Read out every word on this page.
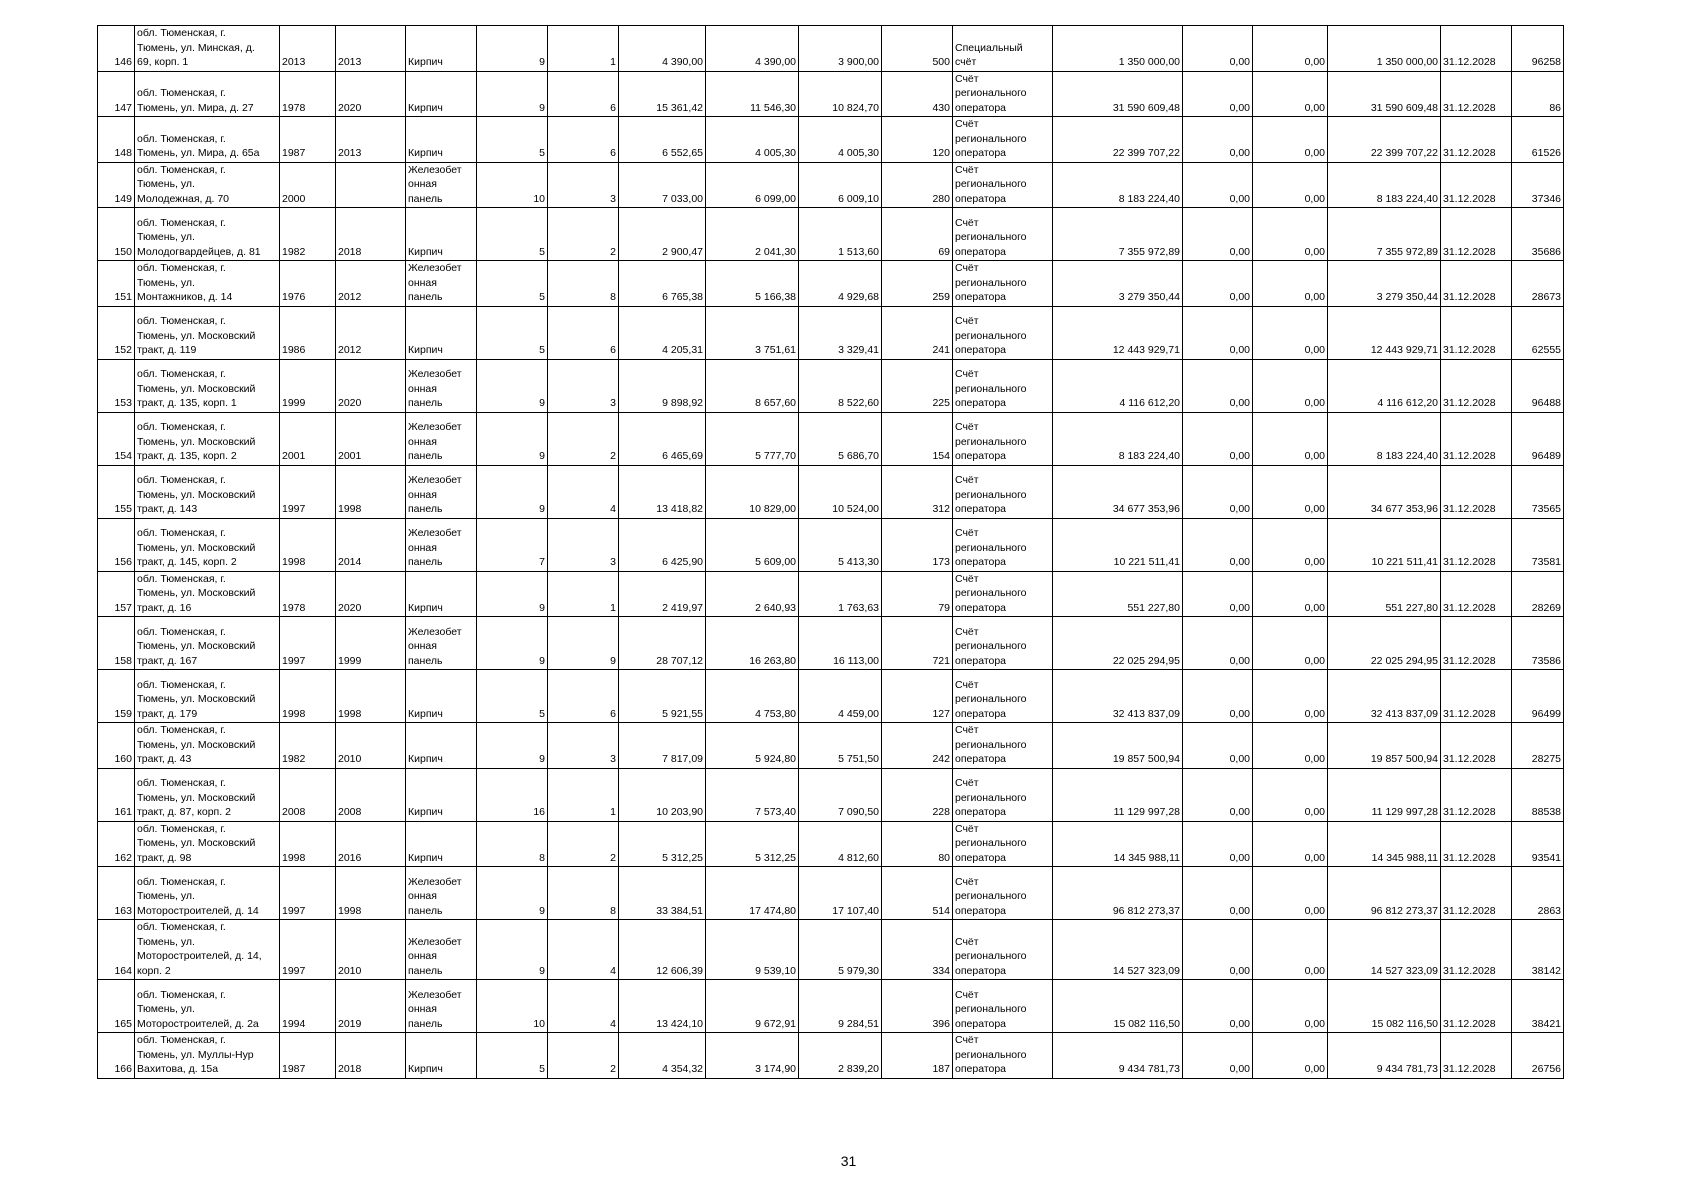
146	обл. Тюменская, г.
Тюмень, ул. Минская, д.
69, корп. 1	2013	2013	Кирпич	9	1	4 390,00	4 390,00	3 900,00	500	Специальный
счёт	1 350 000,00	0,00	0,00	1 350 000,00	31.12.2028	96258
147	обл. Тюменская, г.
Тюмень, ул. Мира, д. 27	1978	2020	Кирпич	9	6	15 361,42	11 546,30	10 824,70	430	Счёт
регионального
оператора	31 590 609,48	0,00	0,00	31 590 609,48	31.12.2028	86
148	обл. Тюменская, г.
Тюмень, ул. Мира, д. 65а	1987	2013	Кирпич	5	6	6 552,65	4 005,30	4 005,30	120	Счёт
регионального
оператора	22 399 707,22	0,00	0,00	22 399 707,22	31.12.2028	61526
149	обл. Тюменская, г.
Тюмень, ул.
Молодежная, д. 70	2000		Железобет
онная
панель	10	3	7 033,00	6 099,00	6 009,10	280	Счёт
регионального
оператора	8 183 224,40	0,00	0,00	8 183 224,40	31.12.2028	37346
150	обл. Тюменская, г.
Тюмень, ул.
Молодогвардейцев, д. 81	1982	2018	Кирпич	5	2	2 900,47	2 041,30	1 513,60	69	Счёт
регионального
оператора	7 355 972,89	0,00	0,00	7 355 972,89	31.12.2028	35686
151	обл. Тюменская, г.
Тюмень, ул.
Монтажников, д. 14	1976	2012	Железобет
онная
панель	5	8	6 765,38	5 166,38	4 929,68	259	Счёт
регионального
оператора	3 279 350,44	0,00	0,00	3 279 350,44	31.12.2028	28673
152	обл. Тюменская, г.
Тюмень, ул. Московский
тракт, д. 119	1986	2012	Кирпич	5	6	4 205,31	3 751,61	3 329,41	241	Счёт
регионального
оператора	12 443 929,71	0,00	0,00	12 443 929,71	31.12.2028	62555
153	обл. Тюменская, г.
Тюмень, ул. Московский
тракт, д. 135, корп. 1	1999	2020	Железобет
онная
панель	9	3	9 898,92	8 657,60	8 522,60	225	Счёт
регионального
оператора	4 116 612,20	0,00	0,00	4 116 612,20	31.12.2028	96488
154	обл. Тюменская, г.
Тюмень, ул. Московский
тракт, д. 135, корп. 2	2001	2001	Железобет
онная
панель	9	2	6 465,69	5 777,70	5 686,70	154	Счёт
регионального
оператора	8 183 224,40	0,00	0,00	8 183 224,40	31.12.2028	96489
155	обл. Тюменская, г.
Тюмень, ул. Московский
тракт, д. 143	1997	1998	Железобет
онная
панель	9	4	13 418,82	10 829,00	10 524,00	312	Счёт
регионального
оператора	34 677 353,96	0,00	0,00	34 677 353,96	31.12.2028	73565
156	обл. Тюменская, г.
Тюмень, ул. Московский
тракт, д. 145, корп. 2	1998	2014	Железобет
онная
панель	7	3	6 425,90	5 609,00	5 413,30	173	Счёт
регионального
оператора	10 221 511,41	0,00	0,00	10 221 511,41	31.12.2028	73581
157	обл. Тюменская, г.
Тюмень, ул. Московский
тракт, д. 16	1978	2020	Кирпич	9	1	2 419,97	2 640,93	1 763,63	79	Счёт
регионального
оператора	551 227,80	0,00	0,00	551 227,80	31.12.2028	28269
158	обл. Тюменская, г.
Тюмень, ул. Московский
тракт, д. 167	1997	1999	Железобет
онная
панель	9	9	28 707,12	16 263,80	16 113,00	721	Счёт
регионального
оператора	22 025 294,95	0,00	0,00	22 025 294,95	31.12.2028	73586
159	обл. Тюменская, г.
Тюмень, ул. Московский
тракт, д. 179	1998	1998	Кирпич	5	6	5 921,55	4 753,80	4 459,00	127	Счёт
регионального
оператора	32 413 837,09	0,00	0,00	32 413 837,09	31.12.2028	96499
160	обл. Тюменская, г.
Тюмень, ул. Московский
тракт, д. 43	1982	2010	Кирпич	9	3	7 817,09	5 924,80	5 751,50	242	Счёт
регионального
оператора	19 857 500,94	0,00	0,00	19 857 500,94	31.12.2028	28275
161	обл. Тюменская, г.
Тюмень, ул. Московский
тракт, д. 87, корп. 2	2008	2008	Кирпич	16	1	10 203,90	7 573,40	7 090,50	228	Счёт
регионального
оператора	11 129 997,28	0,00	0,00	11 129 997,28	31.12.2028	88538
162	обл. Тюменская, г.
Тюмень, ул. Московский
тракт, д. 98	1998	2016	Кирпич	8	2	5 312,25	5 312,25	4 812,60	80	Счёт
регионального
оператора	14 345 988,11	0,00	0,00	14 345 988,11	31.12.2028	93541
163	обл. Тюменская, г.
Тюмень, ул.
Моторостроителей, д. 14	1997	1998	Железобет
онная
панель	9	8	33 384,51	17 474,80	17 107,40	514	Счёт
регионального
оператора	96 812 273,37	0,00	0,00	96 812 273,37	31.12.2028	2863
164	обл. Тюменская, г.
Тюмень, ул.
Моторостроителей, д. 14,
корп. 2	1997	2010	Железобет
онная
панель	9	4	12 606,39	9 539,10	5 979,30	334	Счёт
регионального
оператора	14 527 323,09	0,00	0,00	14 527 323,09	31.12.2028	38142
165	обл. Тюменская, г.
Тюмень, ул.
Моторостроителей, д. 2а	1994	2019	Железобет
онная
панель	10	4	13 424,10	9 672,91	9 284,51	396	Счёт
регионального
оператора	15 082 116,50	0,00	0,00	15 082 116,50	31.12.2028	38421
166	обл. Тюменская, г.
Тюмень, ул. Муллы-Нур
Вахитова, д. 15а	1987	2018	Кирпич	5	2	4 354,32	3 174,90	2 839,20	187	Счёт
регионального
оператора	9 434 781,73	0,00	0,00	9 434 781,73	31.12.2028	26756
31
